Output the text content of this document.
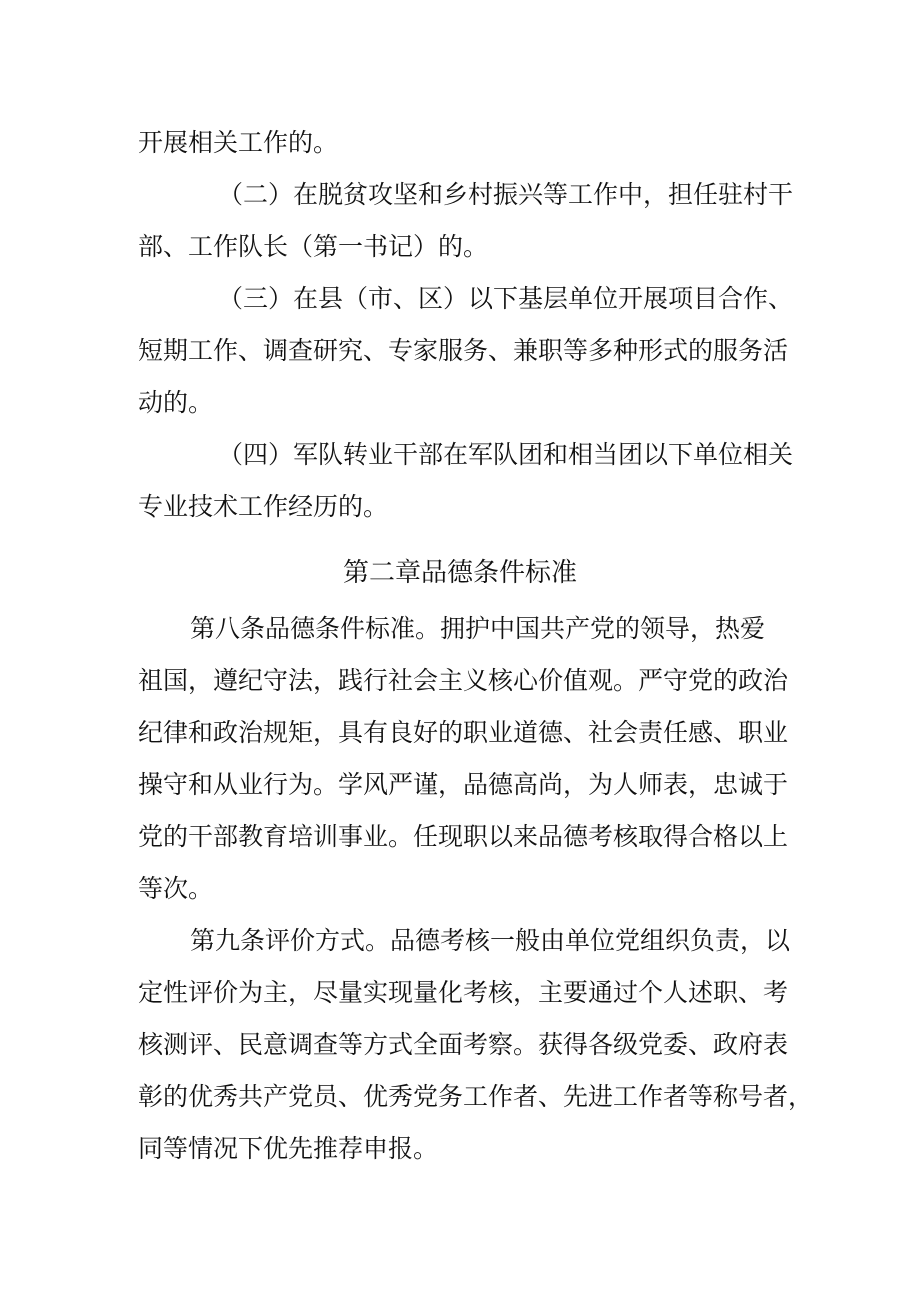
开展相关工作的。
（二）在脱贫攻坚和乡村振兴等工作中，担任驻村干
部、工作队长（第一书记）的。
（三）在县（市、区）以下基层单位开展项目合作、
短期工作、调查研究、专家服务、兼职等多种形式的服务活
动的。
（四）军队转业干部在军队团和相当团以下单位相关
专业技术工作经历的。
第二章品德条件标准
第八条品德条件标准。拥护中国共产党的领导，热爱
祖国，遵纪守法，践行社会主义核心价值观。严守党的政治
纪律和政治规矩，具有良好的职业道德、社会责任感、职业
操守和从业行为。学风严谨，品德高尚，为人师表，忠诚于
党的干部教育培训事业。任现职以来品德考核取得合格以上
等次。
第九条评价方式。品德考核一般由单位党组织负责，以
定性评价为主，尽量实现量化考核，主要通过个人述职、考
核测评、民意调查等方式全面考察。获得各级党委、政府表
彰的优秀共产党员、优秀党务工作者、先进工作者等称号者，
同等情况下优先推荐申报。
